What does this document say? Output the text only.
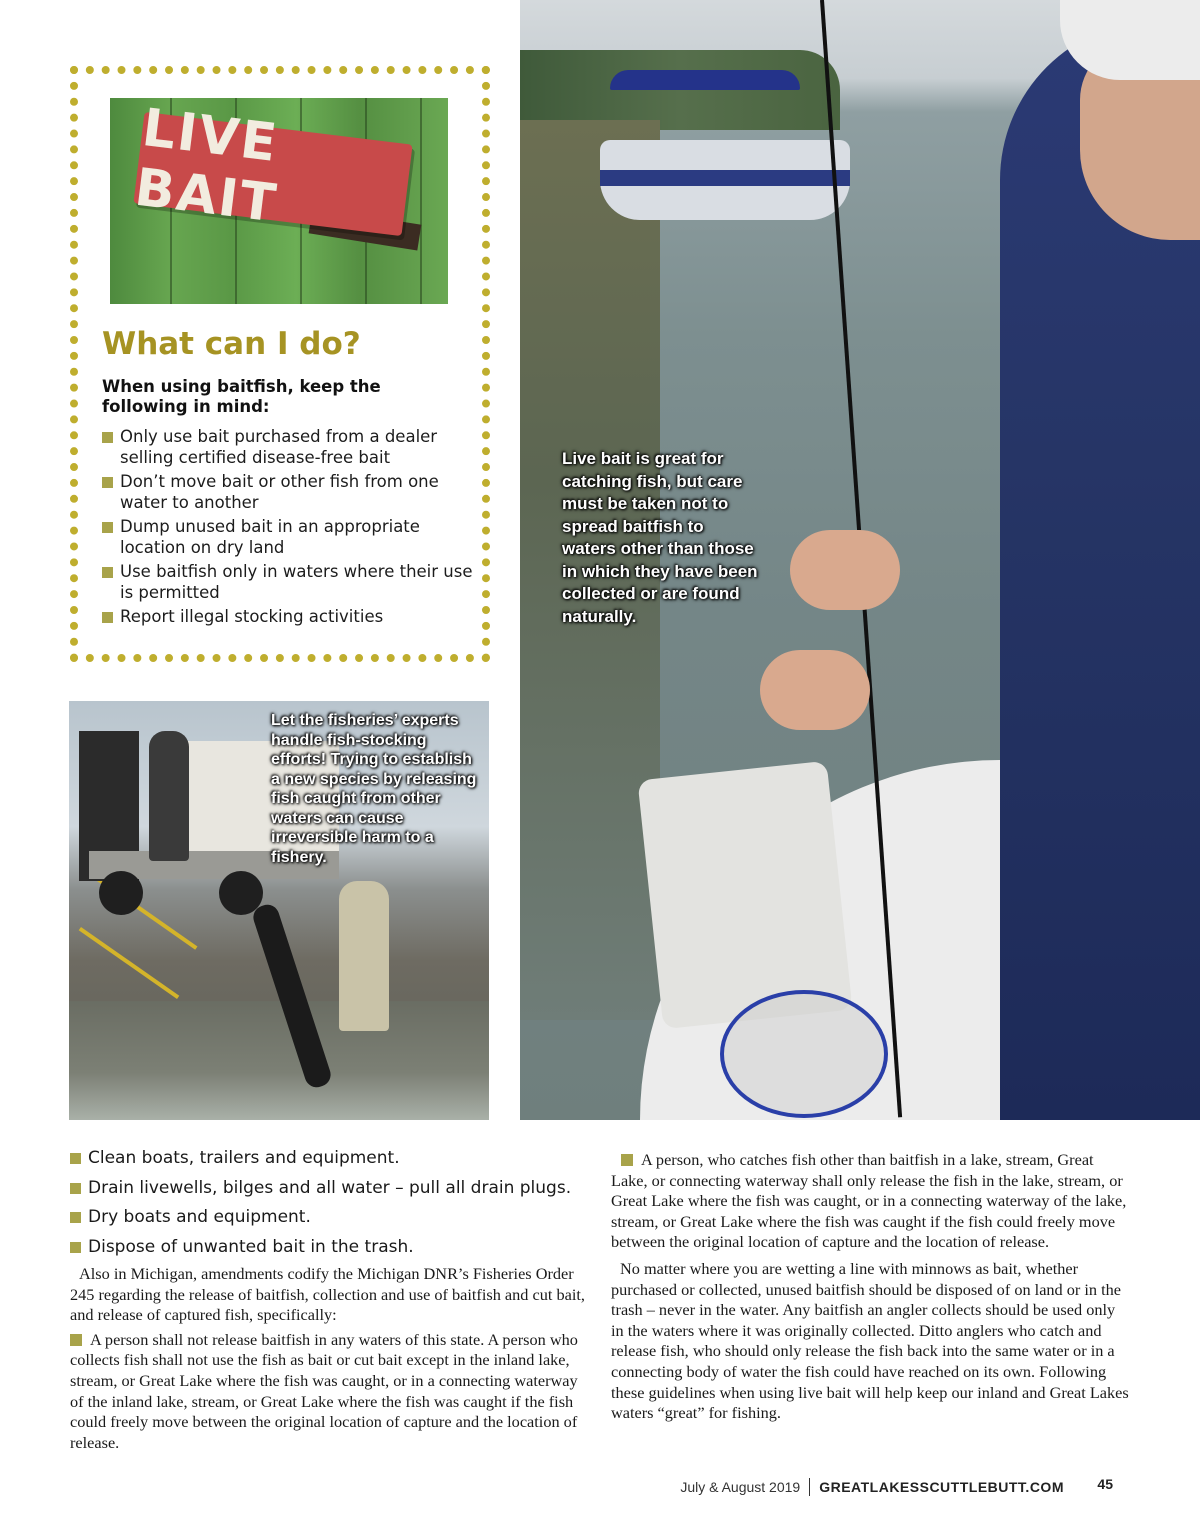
LIVE BAIT
What can I do?
When using baitfish, keep the following in mind:
Only use bait purchased from a dealer selling certified disease-free bait
Don’t move bait or other fish from one water to another
Dump unused bait in an appropriate location on dry land
Use baitfish only in waters where their use is permitted
Report illegal stocking activities
Let the fisheries’ experts handle fish-stocking efforts! Trying to establish a new species by releasing fish caught from other waters can cause irreversible harm to a fishery.
Live bait is great for catching fish, but care must be taken not to spread baitfish to waters other than those in which they have been collected or are found naturally.
Clean boats, trailers and equipment.
Drain livewells, bilges and all water – pull all drain plugs.
Dry boats and equipment.
Dispose of unwanted bait in the trash.

Also in Michigan, amendments codify the Michigan DNR’s Fisheries Order 245 regarding the release of baitfish, collection and use of baitfish and cut bait, and release of captured fish, specifically:

A person shall not release baitfish in any waters of this state. A person who collects fish shall not use the fish as bait or cut bait except in the inland lake, stream, or Great Lake where the fish was caught, or in a connecting waterway of the inland lake, stream, or Great Lake where the fish was caught if the fish could freely move between the original location of capture and the location of release.

A person, who catches fish other than baitfish in a lake, stream, Great Lake, or connecting waterway shall only release the fish in the lake, stream, or Great Lake where the fish was caught, or in a connecting waterway of the lake, stream, or Great Lake where the fish was caught if the fish could freely move between the original location of capture and the location of release.

No matter where you are wetting a line with minnows as bait, whether purchased or collected, unused baitfish should be disposed of on land or in the trash – never in the water. Any baitfish an angler collects should be used only in the waters where it was originally collected. Ditto anglers who catch and release fish, who should only release the fish back into the same water or in a connecting body of water the fish could have reached on its own. Following these guidelines when using live bait will help keep our inland and Great Lakes waters “great” for fishing.

July & August 2019 GREATLAKESSCUTTLEBUTT.COM 45
